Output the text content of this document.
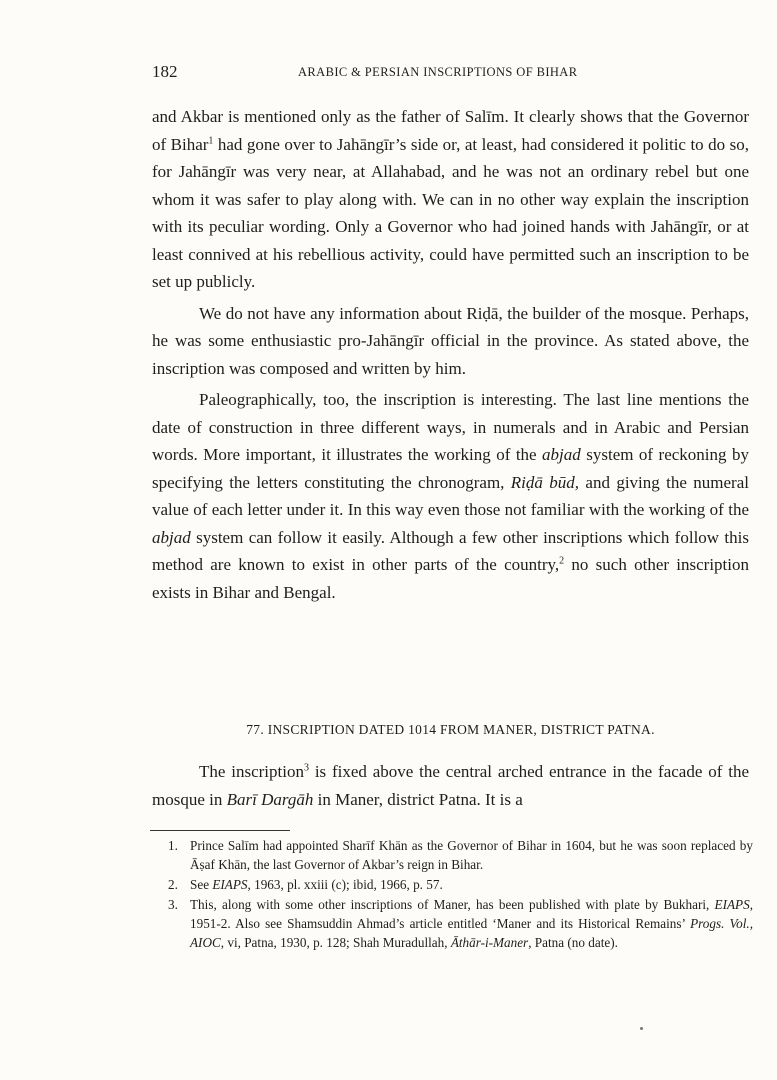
182	ARABIC & PERSIAN INSCRIPTIONS OF BIHAR

and Akbar is mentioned only as the father of Salīm. It clearly shows that the Governor of Bihar$^1$ had gone over to Jahāngīr’s side or, at least, had considered it politic to do so, for Jahāngīr was very near, at Allahabad, and he was not an ordinary rebel but one whom it was safer to play along with. We can in no other way explain the inscription with its peculiar wording. Only a Governor who had joined hands with Jahāngīr, or at least connived at his rebellious activity, could have permitted such an inscription to be set up publicly.

We do not have any information about Riḍā, the builder of the mosque. Perhaps, he was some enthusiastic pro-Jahāngīr official in the province. As stated above, the inscription was composed and written by him.

Paleographically, too, the inscription is interesting. The last line mentions the date of construction in three different ways, in numerals and in Arabic and Persian words. More important, it illustrates the working of the abjad system of reckoning by specifying the letters constituting the chronogram, Riḍā būd, and giving the numeral value of each letter under it. In this way even those not familiar with the working of the abjad system can follow it easily. Although a few other inscriptions which follow this method are known to exist in other parts of the country,$^2$ no such other inscription exists in Bihar and Bengal.

77. INSCRIPTION DATED 1014 FROM MANER, DISTRICT PATNA.

The inscription$^3$ is fixed above the central arched entrance in the facade of the mosque in Barī Dargāh in Maner, district Patna. It is a

1. Prince Salīm had appointed Sharīf Khān as the Governor of Bihar in 1604, but he was soon replaced by Āṣaf Khān, the last Governor of Akbar’s reign in Bihar.
2. See EIAPS, 1963, pl. xxiii (c); ibid, 1966, p. 57.
3. This, along with some other inscriptions of Maner, has been published with plate by Bukhari, EIAPS, 1951-2. Also see Shamsuddin Ahmad’s article entitled ‘Maner and its Historical Remains’ Progs. Vol., AIOC, vi, Patna, 1930, p. 128; Shah Muradullah, Āthār-i-Maner, Patna (no date).
